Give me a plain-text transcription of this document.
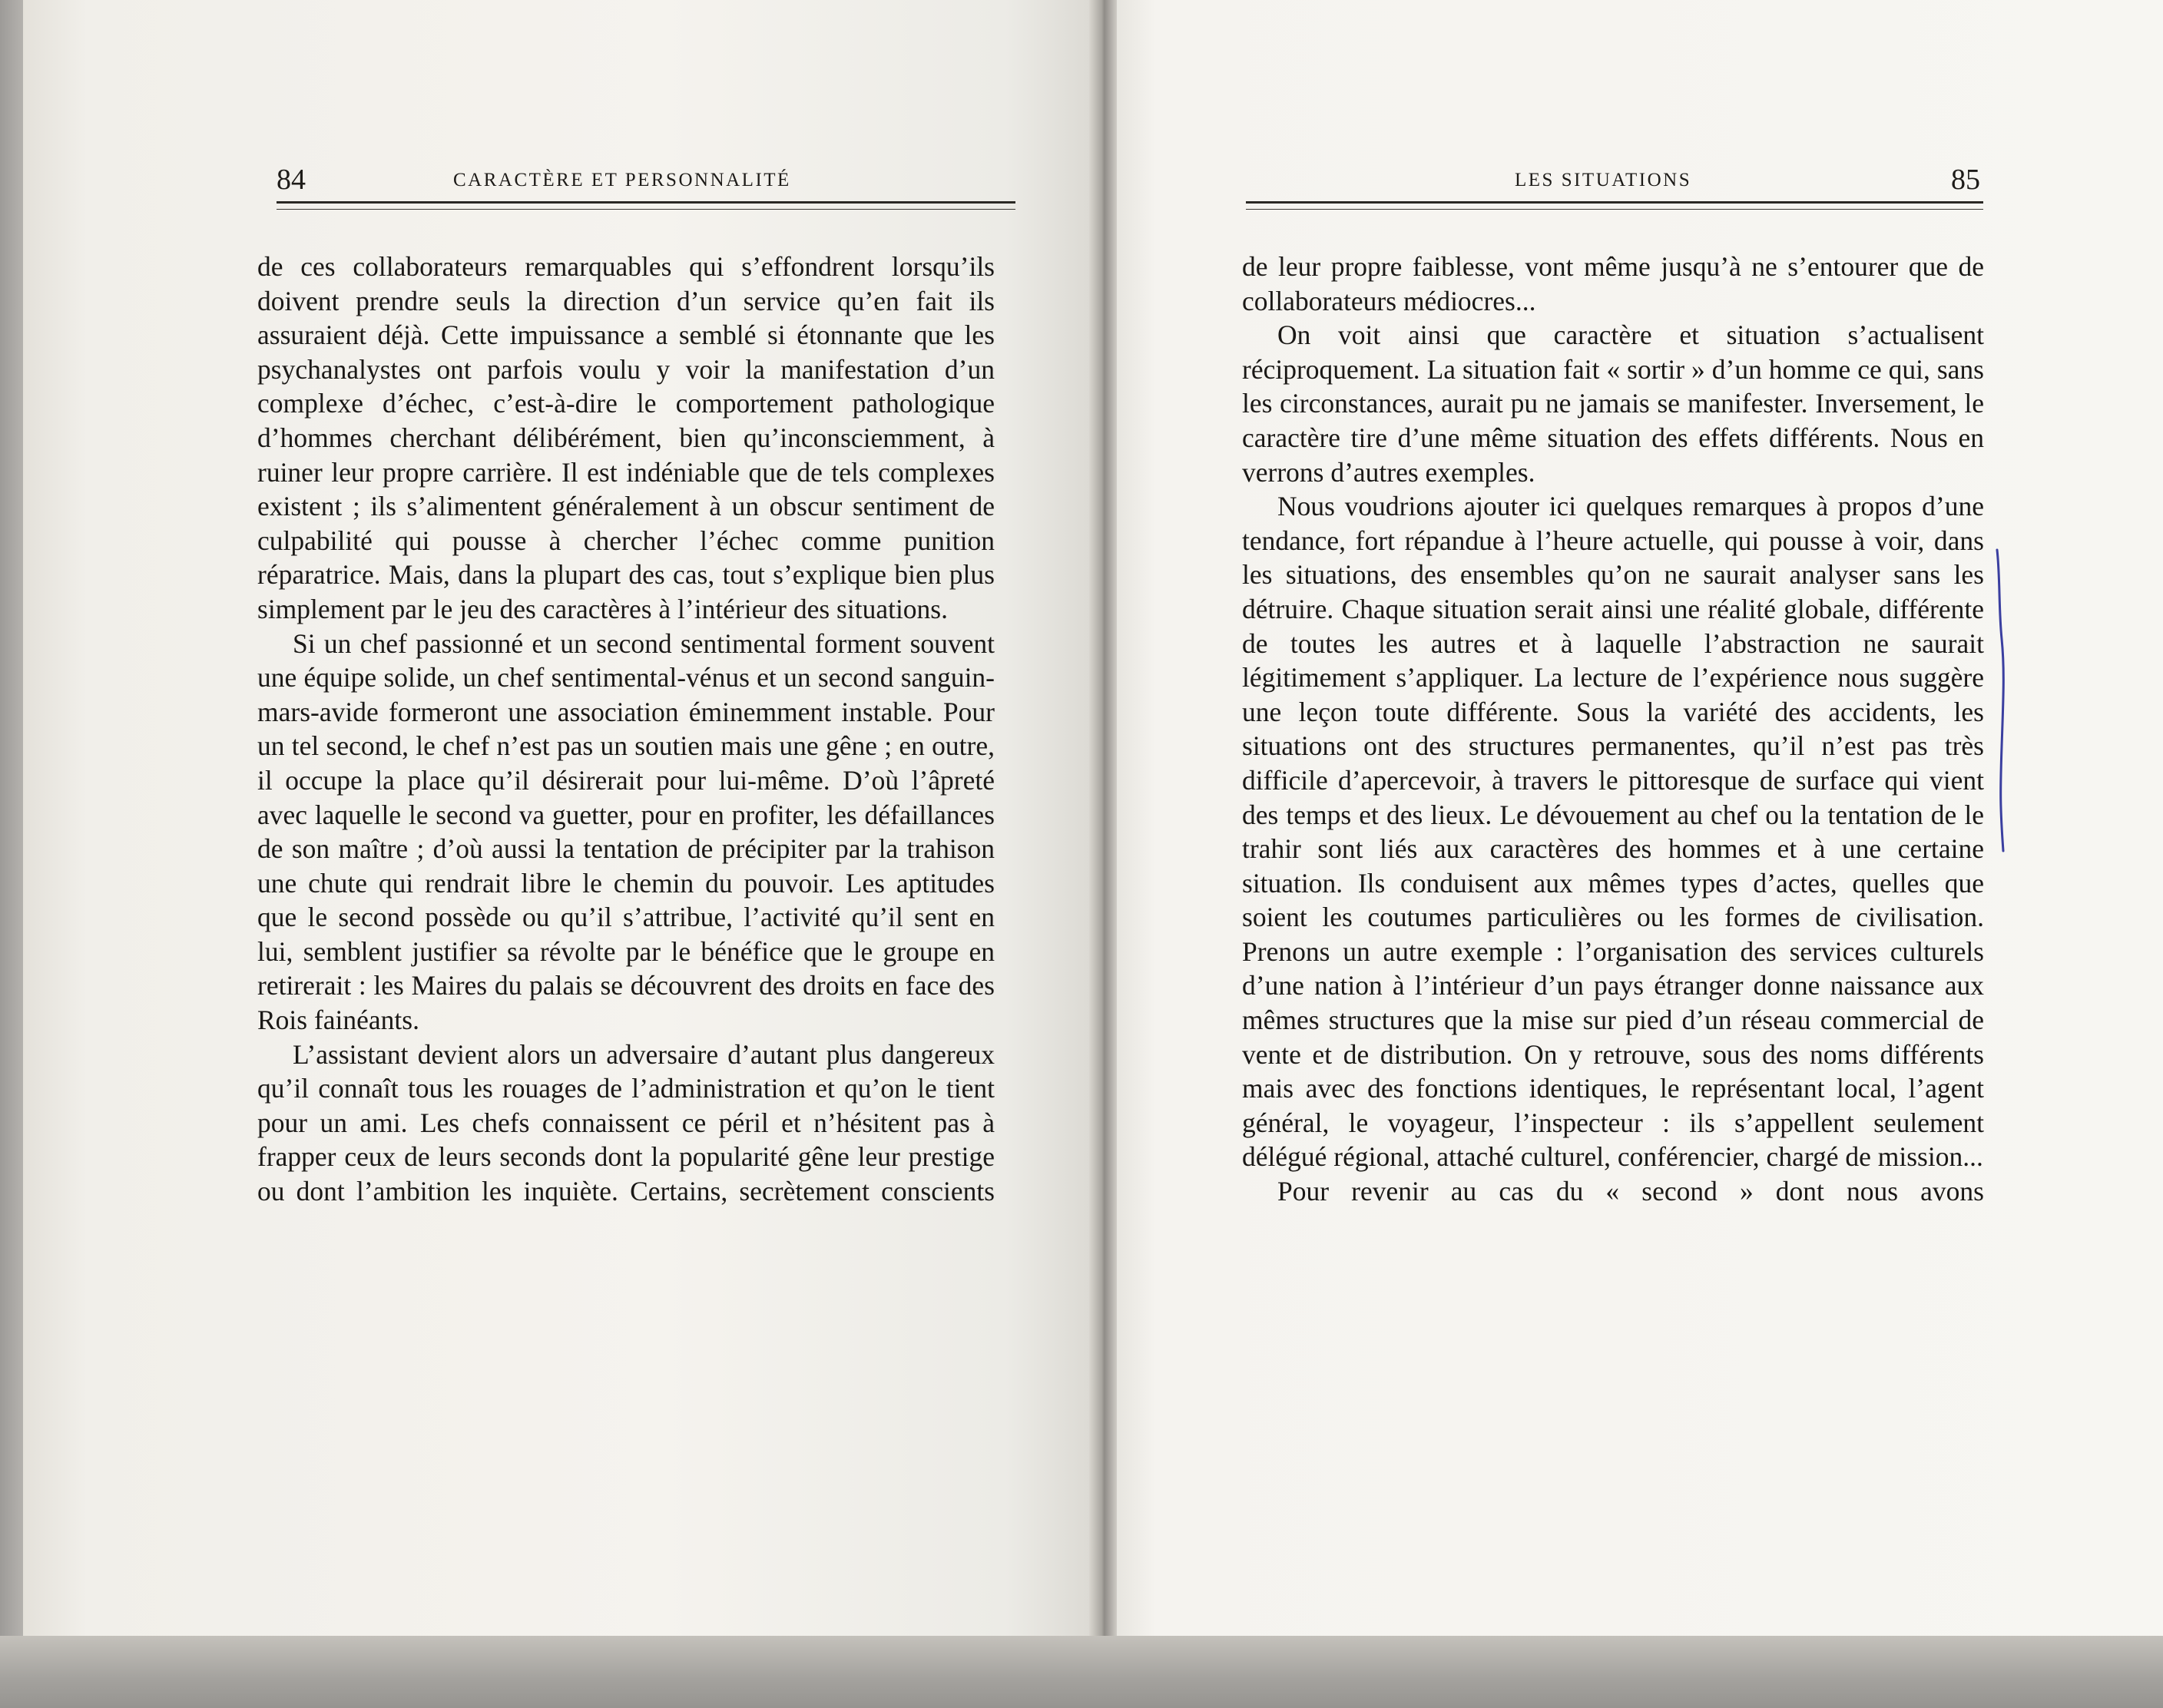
84	CARACTÈRE ET PERSONNALITÉ	LES SITUATIONS	85

de ces collaborateurs remarquables qui s’effondrent lorsqu’ils doivent prendre seuls la direction d’un service qu’en fait ils assuraient déjà. Cette impuissance a semblé si étonnante que les psychanalystes ont parfois voulu y voir la manifestation d’un complexe d’échec, c’est-à-dire le comportement pathologique d’hommes cherchant délibérément, bien qu’inconsciemment, à ruiner leur propre carrière. Il est indéniable que de tels complexes existent ; ils s’alimentent généralement à un obscur sentiment de culpabilité qui pousse à chercher l’échec comme punition réparatrice. Mais, dans la plupart des cas, tout s’explique bien plus simplement par le jeu des caractères à l’intérieur des situations.

Si un chef passionné et un second sentimental forment souvent une équipe solide, un chef sentimental-vénus et un second sanguin-mars-avide formeront une association éminemment instable. Pour un tel second, le chef n’est pas un soutien mais une gêne ; en outre, il occupe la place qu’il désirerait pour lui-même. D’où l’âpreté avec laquelle le second va guetter, pour en profiter, les défaillances de son maître ; d’où aussi la tentation de précipiter par la trahison une chute qui rendrait libre le chemin du pouvoir. Les aptitudes que le second possède ou qu’il s’attribue, l’activité qu’il sent en lui, semblent justifier sa révolte par le bénéfice que le groupe en retirerait : les Maires du palais se découvrent des droits en face des Rois fainéants.

L’assistant devient alors un adversaire d’autant plus dangereux qu’il connaît tous les rouages de l’administration et qu’on le tient pour un ami. Les chefs connaissent ce péril et n’hésitent pas à frapper ceux de leurs seconds dont la popularité gêne leur prestige ou dont l’ambition les inquiète. Certains, secrètement conscients

de leur propre faiblesse, vont même jusqu’à ne s’entourer que de collaborateurs médiocres...

On voit ainsi que caractère et situation s’actualisent réciproquement. La situation fait « sortir » d’un homme ce qui, sans les circonstances, aurait pu ne jamais se manifester. Inversement, le caractère tire d’une même situation des effets différents. Nous en verrons d’autres exemples.

Nous voudrions ajouter ici quelques remarques à propos d’une tendance, fort répandue à l’heure actuelle, qui pousse à voir, dans les situations, des ensembles qu’on ne saurait analyser sans les détruire. Chaque situation serait ainsi une réalité globale, différente de toutes les autres et à laquelle l’abstraction ne saurait légitimement s’appliquer. La lecture de l’expérience nous suggère une leçon toute différente. Sous la variété des accidents, les situations ont des structures permanentes, qu’il n’est pas très difficile d’apercevoir, à travers le pittoresque de surface qui vient des temps et des lieux. Le dévouement au chef ou la tentation de le trahir sont liés aux caractères des hommes et à une certaine situation. Ils conduisent aux mêmes types d’actes, quelles que soient les coutumes particulières ou les formes de civilisation. Prenons un autre exemple : l’organisation des services culturels d’une nation à l’intérieur d’un pays étranger donne naissance aux mêmes structures que la mise sur pied d’un réseau commercial de vente et de distribution. On y retrouve, sous des noms différents mais avec des fonctions identiques, le représentant local, l’agent général, le voyageur, l’inspecteur : ils s’appellent seulement délégué régional, attaché culturel, conférencier, chargé de mission...

Pour revenir au cas du « second » dont nous avons
